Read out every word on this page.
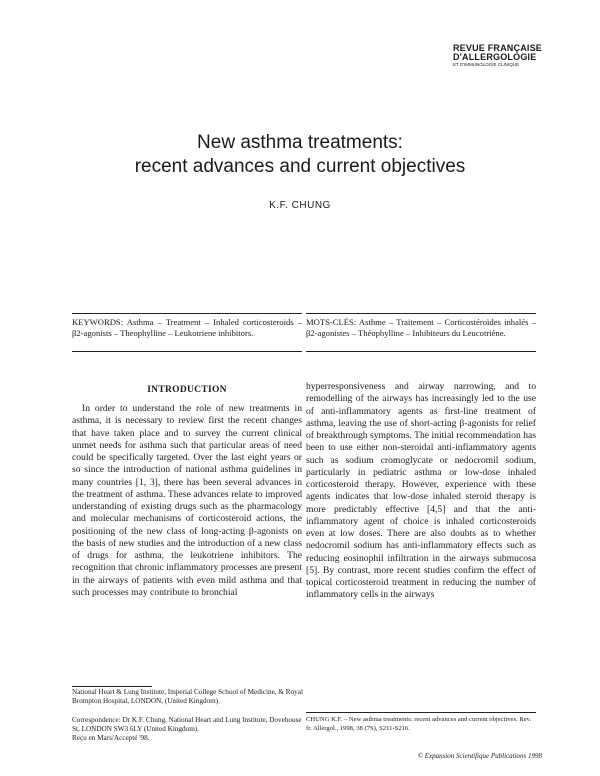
REVUE FRANÇAISE
D'ALLERGOLOGIE
ET D'IMMUNOLOGIE CLINIQUE
New asthma treatments:
recent advances and current objectives
K.F. CHUNG
KEYWORDS: Asthma – Treatment – Inhaled corticosteroids – β2-agonists – Theophylline – Leukotriene inhibitors.
MOTS-CLÉS: Asthme – Traitement – Corticostéroïdes inhalés – β2-agonistes – Théophylline – Inhibiteurs du Leucotriène.
INTRODUCTION
In order to understand the role of new treatments in asthma, it is necessary to review first the recent changes that have taken place and to survey the current clinical unmet needs for asthma such that particular areas of need could be specifically targeted. Over the last eight years or so since the introduction of national asthma guidelines in many countries [1, 3], there has been several advances in the treatment of asthma. These advances relate to improved understanding of existing drugs such as the pharmacology and molecular mechanisms of corticosteroid actions, the positioning of the new class of long-acting β-agonists on the basis of new studies and the introduction of a new class of drugs for asthma, the leukotriene inhibitors. The recognition that chronic inflammatory processes are present in the airways of patients with even mild asthma and that such processes may contribute to bronchial
hyperresponsiveness and airway narrowing, and to remodelling of the airways has increasingly led to the use of anti-inflammatory agents as first-line treatment of asthma, leaving the use of short-acting β-agonists for relief of breakthrough symptoms. The initial recommendation has been to use either non-steroidal anti-inflammatory agents such as sodium cromoglycate or nedocromil sodium, particularly in pediatric asthma or low-dose inhaled corticosteroid therapy. However, experience with these agents indicates that low-dose inhaled steroid therapy is more predictably effective [4,5] and that the anti-inflammatory agent of choice is inhaled corticosteroids even at low doses. There are also doubts as to whether nedocromil sodium has anti-inflammatory effects such as reducing eosinophil infiltration in the airways submucosa [5]. By contrast, more recent studies confirm the effect of topical corticosteroid treatment in reducing the number of inflammatory cells in the airways
National Heart & Lung Institute, Imperial College School of Medicine, & Royal Brompton Hospital, LONDON, (United Kingdom).
Correspondence: Dr K.F. Chung, National Heart and Lung Institute, Dovehouse St, LONDON SW3 6LY (United Kingdom).
Reçu en Mars/Accepté '98.
CHUNG K.F. – New asthma treatments: recent advances and current objectives. Rev. fr. Allergol., 1998, 38 (7S), S211-S216.
© Expansion Scientifique Publications 1998
